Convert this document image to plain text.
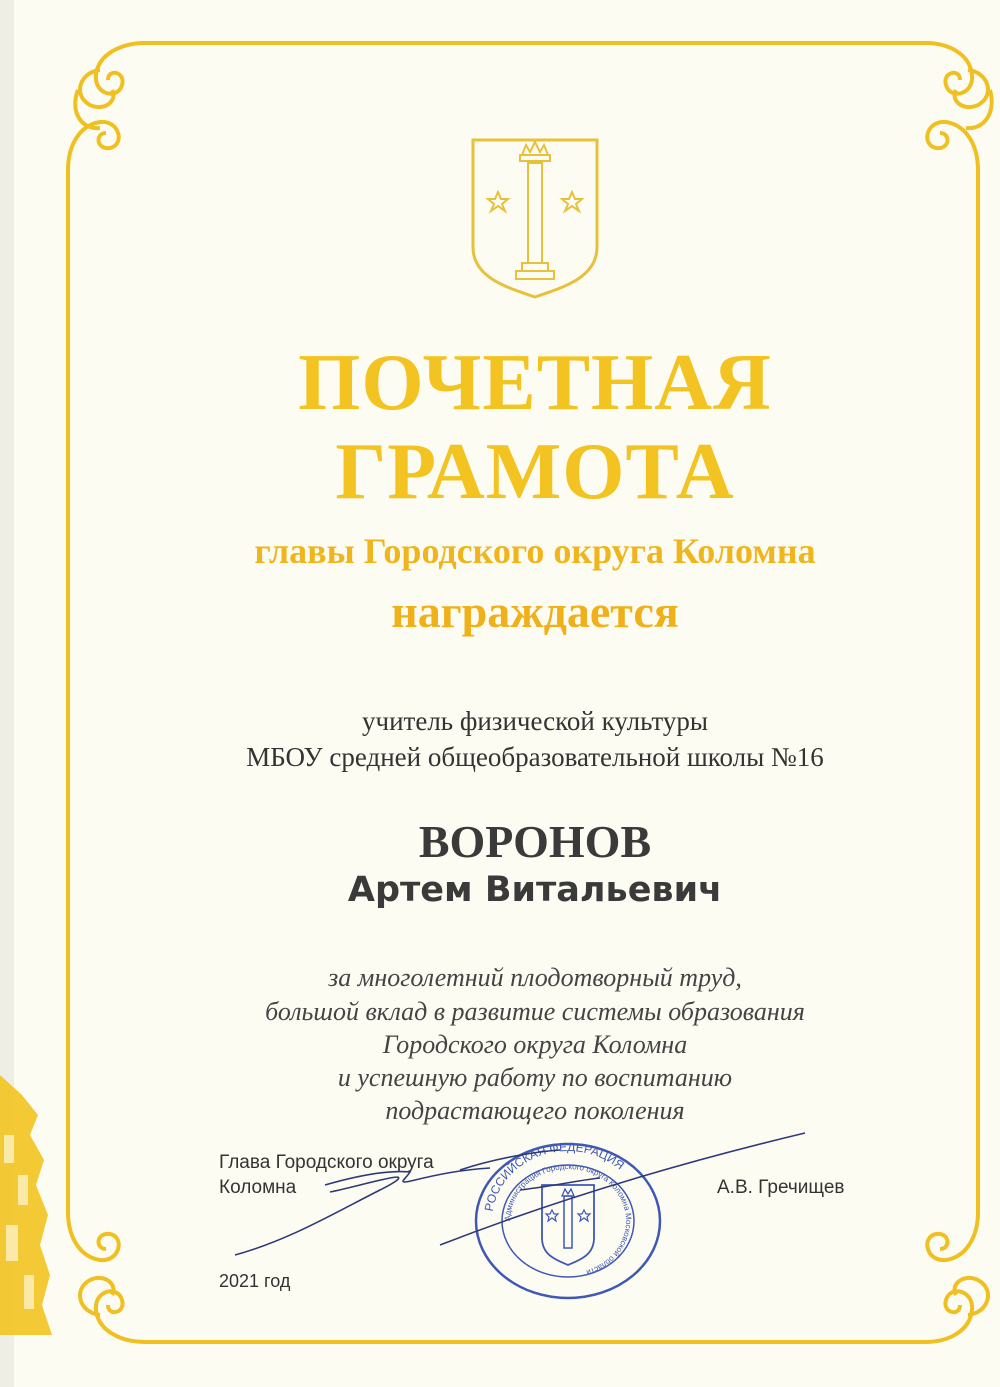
ПОЧЕТНАЯ
ГРАМОТА
главы Городского округа Коломна
награждается
учитель физической культуры
МБОУ средней общеобразовательной школы №16
ВОРОНОВ
Артем Витальевич
за многолетний плодотворный труд,
большой вклад в развитие системы образования
Городского округа Коломна
и успешную работу по воспитанию
подрастающего поколения
Глава Городского округа
Коломна	А.В. Гречищев
2021 год
РОССИЙСКАЯ ФЕДЕРАЦИЯ
Администрация Городского округа Коломна Московской области
